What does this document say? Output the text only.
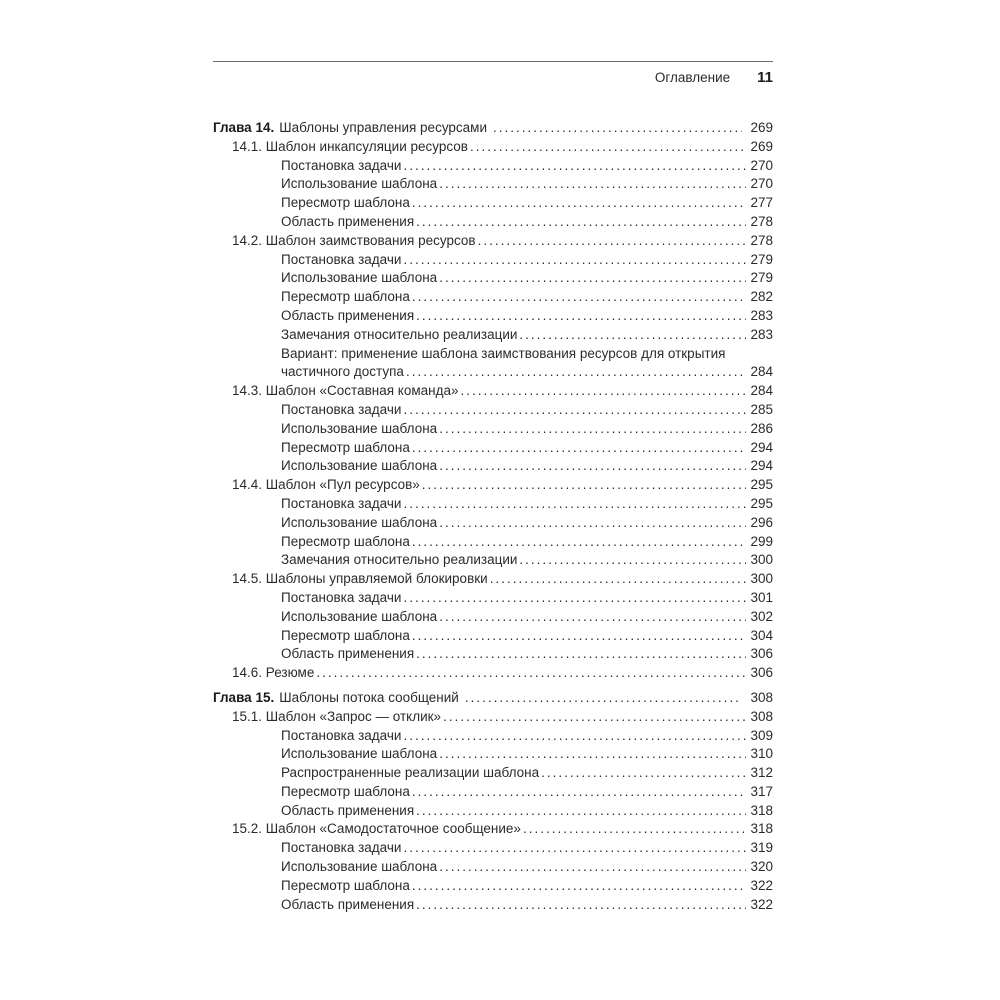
Оглавление 11
Глава 14. Шаблоны управления ресурсами .....	269
14.1. Шаблон инкапсуляции ресурсов .....	269
Постановка задачи .....	270
Использование шаблона .....	270
Пересмотр шаблона .....	277
Область применения .....	278
14.2. Шаблон заимствования ресурсов .....	278
Постановка задачи .....	279
Использование шаблона .....	279
Пересмотр шаблона .....	282
Область применения .....	283
Замечания относительно реализации .....	283
Вариант: применение шаблона заимствования ресурсов для открытия
частичного доступа .....	284
14.3. Шаблон «Составная команда» .....	284
Постановка задачи .....	285
Использование шаблона .....	286
Пересмотр шаблона .....	294
Использование шаблона .....	294
14.4. Шаблон «Пул ресурсов» .....	295
Постановка задачи .....	295
Использование шаблона .....	296
Пересмотр шаблона .....	299
Замечания относительно реализации .....	300
14.5. Шаблоны управляемой блокировки .....	300
Постановка задачи .....	301
Использование шаблона .....	302
Пересмотр шаблона .....	304
Область применения .....	306
14.6. Резюме .....	306
Глава 15. Шаблоны потока сообщений .....	308
15.1. Шаблон «Запрос — отклик» .....	308
Постановка задачи .....	309
Использование шаблона .....	310
Распространенные реализации шаблона .....	312
Пересмотр шаблона .....	317
Область применения .....	318
15.2. Шаблон «Самодостаточное сообщение» .....	318
Постановка задачи .....	319
Использование шаблона .....	320
Пересмотр шаблона .....	322
Область применения .....	322
